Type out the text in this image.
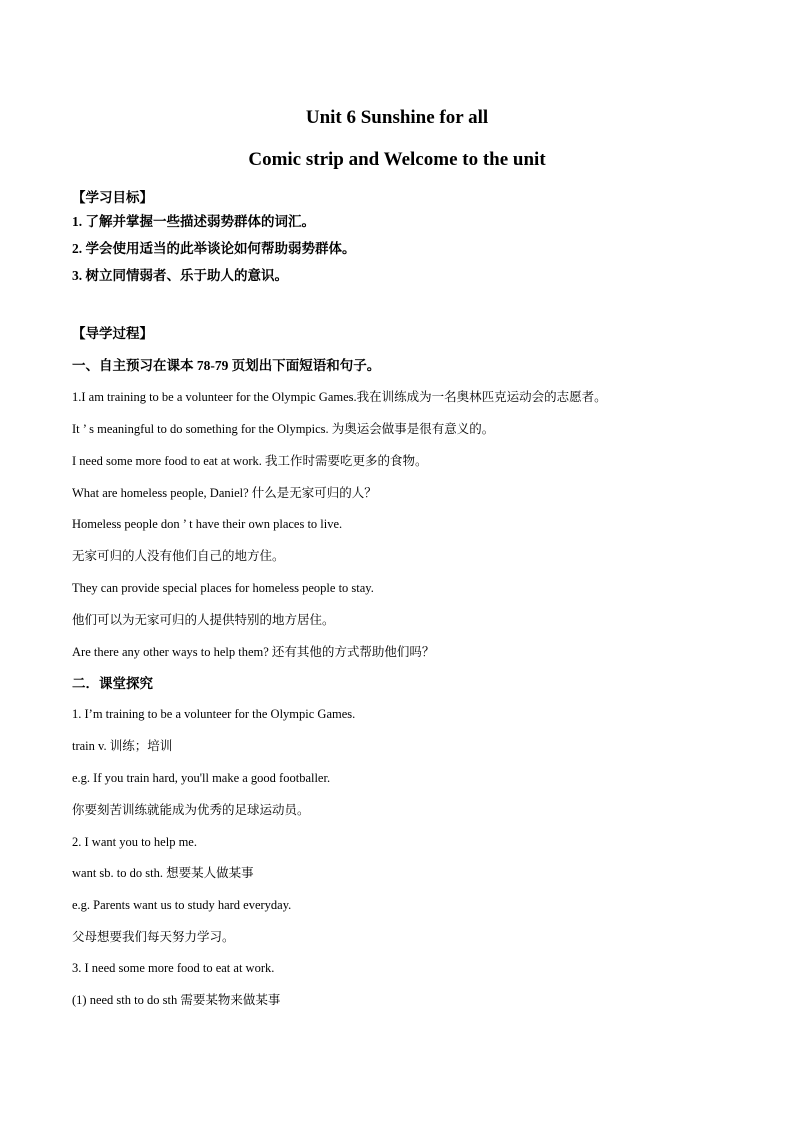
Unit 6 Sunshine for all
Comic strip and Welcome to the unit
【学习目标】
1. 了解并掌握一些描述弱势群体的词汇。
2. 学会使用适当的此举谈论如何帮助弱势群体。
3. 树立同情弱者、乐于助人的意识。
【导学过程】
一、自主预习在课本 78-79 页划出下面短语和句子。
1.I am training to be a volunteer for the Olympic Games.我在训练成为一名奥林匹克运动会的志愿者。
It ’ s meaningful to do something for the Olympics. 为奥运会做事是很有意义的。
I need some more food to eat at work. 我工作时需要吃更多的食物。
What are homeless people, Daniel? 什么是无家可归的人？
Homeless people don ’ t have their own places to live.
无家可归的人没有他们自己的地方住。
They can provide special places for homeless people to stay.
他们可以为无家可归的人提供特别的地方居住。
Are there any other ways to help them? 还有其他的方式帮助他们吗？
二．课堂探究
1. I’m training to be a volunteer for the Olympic Games.
train v. 训练；培训
e.g. If you train hard, you'll make a good footballer.
你要刻苦训练就能成为优秀的足球运动员。
2. I want you to help me.
want sb. to do sth. 想要某人做某事
e.g. Parents want us to study hard everyday.
父母想要我们每天努力学习。
3. I need some more food to eat at work.
(1) need sth to do sth 需要某物来做某事
